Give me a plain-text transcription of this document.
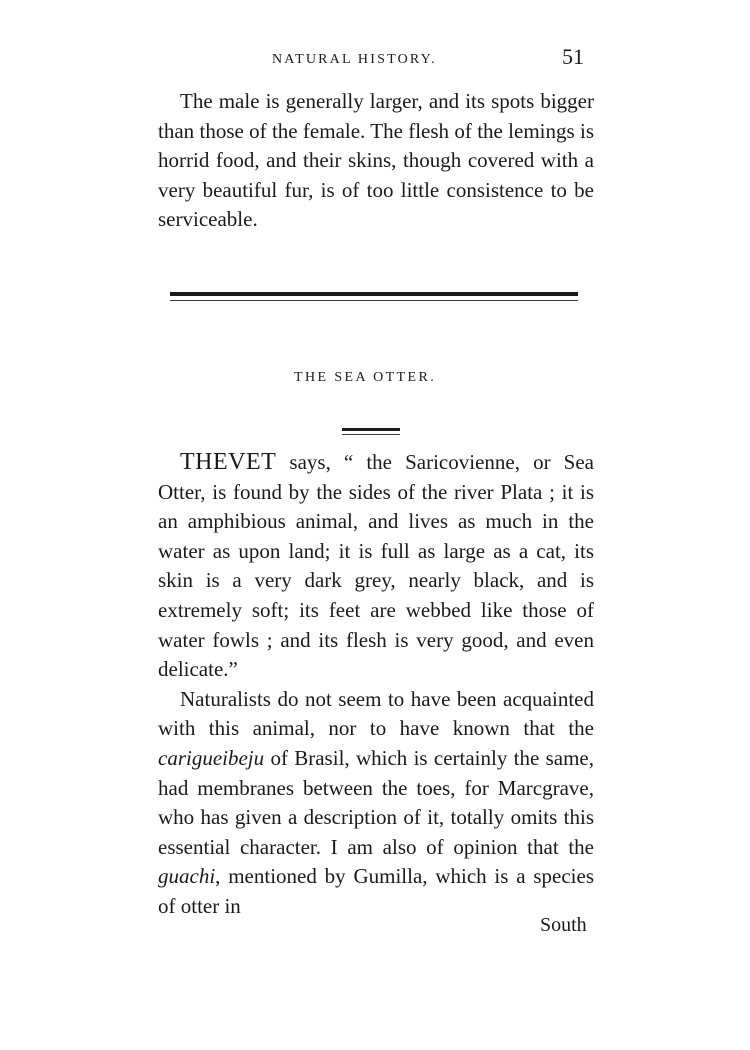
NATURAL HISTORY.	51

The male is generally larger, and its spots bigger than those of the female. The flesh of the lemings is horrid food, and their skins, though covered with a very beautiful fur, is of too little consistence to be serviceable.

THE SEA OTTER.

THEVET says, “ the Saricovienne, or Sea Otter, is found by the sides of the river Plata ; it is an amphibious animal, and lives as much in the water as upon land; it is full as large as a cat, its skin is a very dark grey, nearly black, and is extremely soft; its feet are webbed like those of water fowls ; and its flesh is very good, and even delicate.”

Naturalists do not seem to have been acquainted with this animal, nor to have known that the carigueibeju of Brasil, which is certainly the same, had membranes between the toes, for Marcgrave, who has given a description of it, totally omits this essential character. I am also of opinion that the guachi, mentioned by Gumilla, which is a species of otter in

South
